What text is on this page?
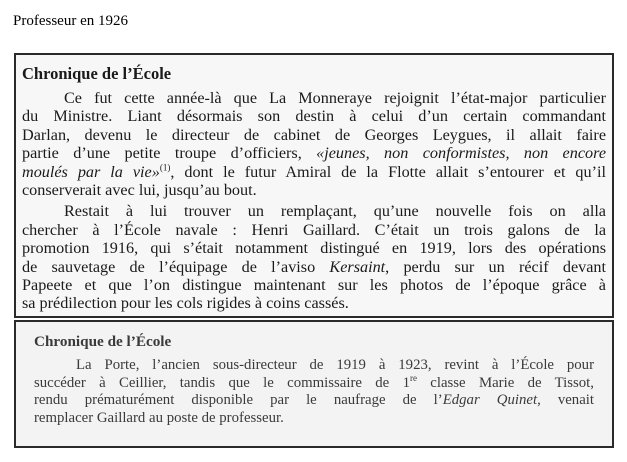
Professeur en 1926
Chronique de l’École

Ce fut cette année-là que La Monneraye rejoignit l’état-major particulier
du Ministre. Liant désormais son destin à celui d’un certain commandant
Darlan, devenu le directeur de cabinet de Georges Leygues, il allait faire
partie d’une petite troupe d’officiers, «jeunes, non conformistes, non encore
moulés par la vie»$^{(1)}$, dont le futur Amiral de la Flotte allait s’entourer et qu’il
conserverait avec lui, jusqu’au bout.

Restait à lui trouver un remplaçant, qu’une nouvelle fois on alla
chercher à l’École navale : Henri Gaillard. C’était un trois galons de la
promotion 1916, qui s’était notamment distingué en 1919, lors des opérations
de sauvetage de l’équipage de l’aviso Kersaint, perdu sur un récif devant
Papeete et que l’on distingue maintenant sur les photos de l’époque grâce à
sa prédilection pour les cols rigides à coins cassés.

Chronique de l’École

La Porte, l’ancien sous-directeur de 1919 à 1923, revint à l’École pour
succéder à Ceillier, tandis que le commissaire de 1re classe Marie de Tissot,
rendu prématurément disponible par le naufrage de l’Edgar Quinet, venait
remplacer Gaillard au poste de professeur.
